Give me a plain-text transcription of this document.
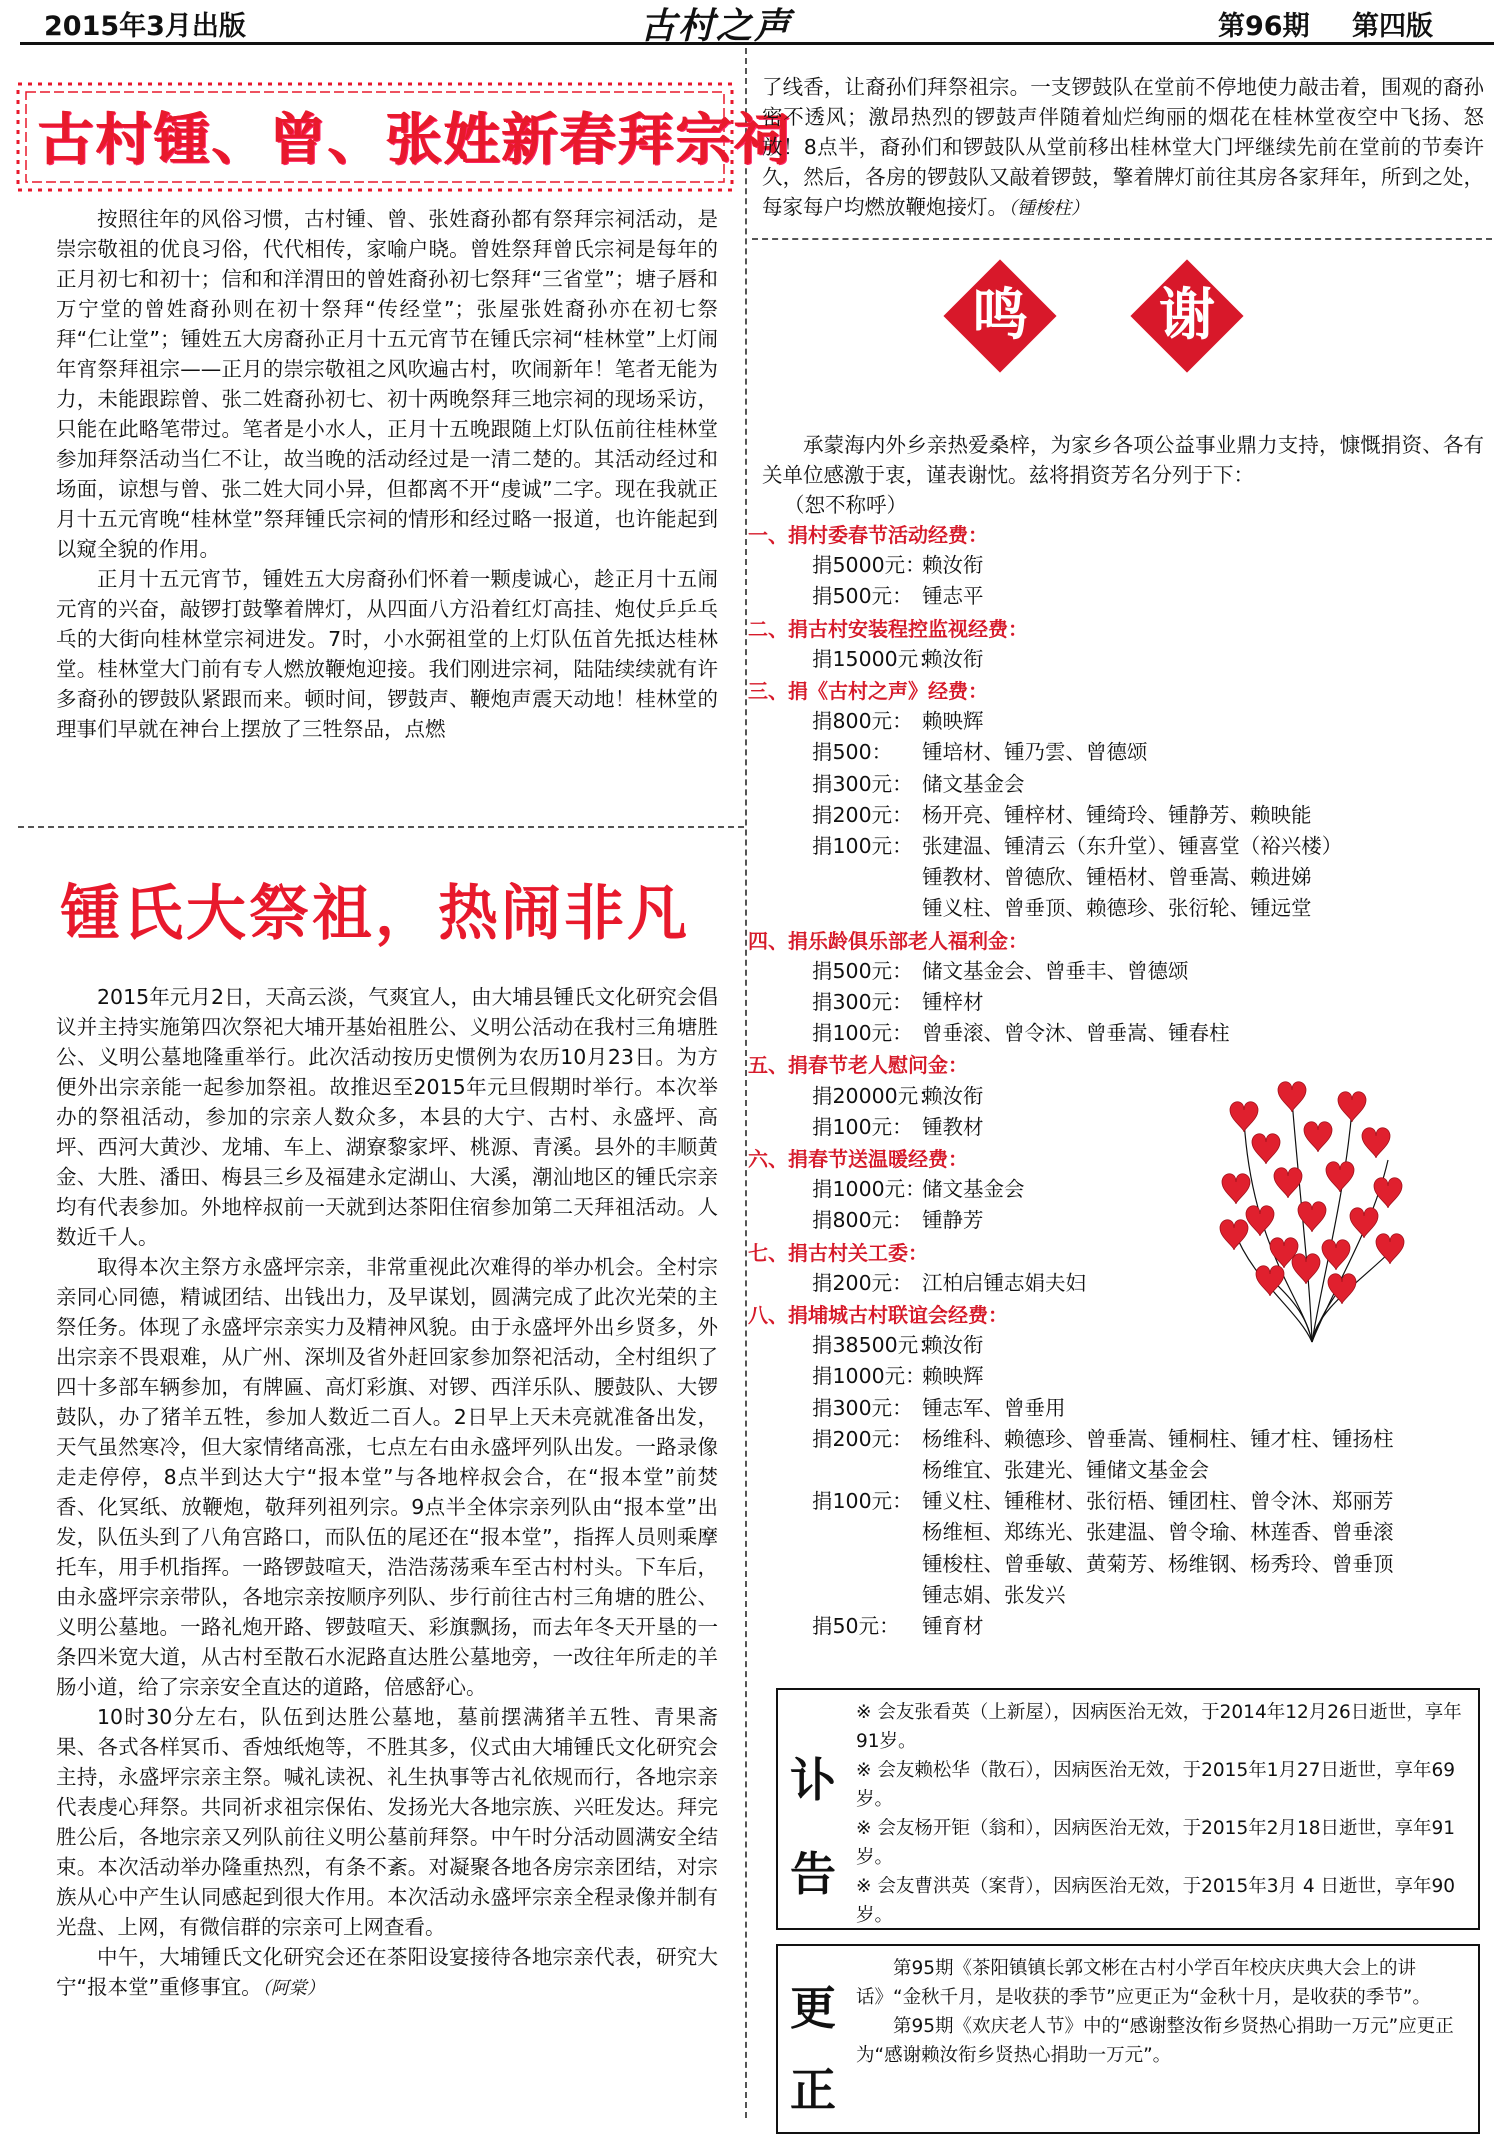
2015年3月出版	古村之声	第96期 第四版
古村锺、曾、张姓新春拜宗祠

按照往年的风俗习惯，古村锺、曾、张姓裔孙都有祭拜宗祠活动，是崇宗敬祖的优良习俗，代代相传，家喻户晓。曾姓祭拜曾氏宗祠是每年的正月初七和初十；信和和洋渭田的曾姓裔孙初七祭拜“三省堂”；塘子唇和万宁堂的曾姓裔孙则在初十祭拜“传经堂”；张屋张姓裔孙亦在初七祭拜“仁让堂”；锺姓五大房裔孙正月十五元宵节在锺氏宗祠“桂林堂”上灯闹年宵祭拜祖宗——正月的崇宗敬祖之风吹遍古村，吹闹新年！笔者无能为力，未能跟踪曾、张二姓裔孙初七、初十两晚祭拜三地宗祠的现场采访，只能在此略笔带过。笔者是小水人，正月十五晚跟随上灯队伍前往桂林堂参加拜祭活动当仁不让，故当晚的活动经过是一清二楚的。其活动经过和场面，谅想与曾、张二姓大同小异，但都离不开“虔诚”二字。现在我就正月十五元宵晚“桂林堂”祭拜锺氏宗祠的情形和经过略一报道，也许能起到以窥全貌的作用。

正月十五元宵节，锺姓五大房裔孙们怀着一颗虔诚心，趁正月十五闹元宵的兴奋，敲锣打鼓擎着牌灯，从四面八方沿着红灯高挂、炮仗乒乒乓乓的大街向桂林堂宗祠进发。7时，小水弼祖堂的上灯队伍首先抵达桂林堂。桂林堂大门前有专人燃放鞭炮迎接。我们刚进宗祠，陆陆续续就有许多裔孙的锣鼓队紧跟而来。顿时间，锣鼓声、鞭炮声震天动地！桂林堂的理事们早就在神台上摆放了三牲祭品，点燃

了线香，让裔孙们拜祭祖宗。一支锣鼓队在堂前不停地使力敲击着，围观的裔孙密不透风；激昂热烈的锣鼓声伴随着灿烂绚丽的烟花在桂林堂夜空中飞扬、怒放！8点半，裔孙们和锣鼓队从堂前移出桂林堂大门坪继续先前在堂前的节奏许久，然后，各房的锣鼓队又敲着锣鼓，擎着牌灯前往其房各家拜年，所到之处，每家每户均燃放鞭炮接灯。（锺梭柱）

锺氏大祭祖，热闹非凡

2015年元月2日，天高云淡，气爽宜人，由大埔县锺氏文化研究会倡议并主持实施第四次祭祀大埔开基始祖胜公、义明公活动在我村三角塘胜公、义明公墓地隆重举行。此次活动按历史惯例为农历10月23日。为方便外出宗亲能一起参加祭祖。故推迟至2015年元旦假期时举行。本次举办的祭祖活动，参加的宗亲人数众多，本县的大宁、古村、永盛坪、高坪、西河大黄沙、龙埔、车上、湖寮黎家坪、桃源、青溪。县外的丰顺黄金、大胜、潘田、梅县三乡及福建永定湖山、大溪，潮汕地区的锺氏宗亲均有代表参加。外地梓叔前一天就到达茶阳住宿参加第二天拜祖活动。人数近千人。

取得本次主祭方永盛坪宗亲，非常重视此次难得的举办机会。全村宗亲同心同德，精诚团结、出钱出力，及早谋划，圆满完成了此次光荣的主祭任务。体现了永盛坪宗亲实力及精神风貌。由于永盛坪外出乡贤多，外出宗亲不畏艰难，从广州、深圳及省外赶回家参加祭祀活动，全村组织了四十多部车辆参加，有牌匾、高灯彩旗、对锣、西洋乐队、腰鼓队、大锣鼓队，办了猪羊五牲，参加人数近二百人。2日早上天未亮就准备出发，天气虽然寒冷，但大家情绪高涨，七点左右由永盛坪列队出发。一路录像走走停停，8点半到达大宁“报本堂”与各地梓叔会合，在“报本堂”前焚香、化冥纸、放鞭炮，敬拜列祖列宗。9点半全体宗亲列队由“报本堂”出发，队伍头到了八角宫路口，而队伍的尾还在“报本堂”，指挥人员则乘摩托车，用手机指挥。一路锣鼓喧天，浩浩荡荡乘车至古村村头。下车后，由永盛坪宗亲带队，各地宗亲按顺序列队、步行前往古村三角塘的胜公、义明公墓地。一路礼炮开路、锣鼓喧天、彩旗飘扬，而去年冬天开垦的一条四米宽大道，从古村至散石水泥路直达胜公墓地旁，一改往年所走的羊肠小道，给了宗亲安全直达的道路，倍感舒心。

10时30分左右，队伍到达胜公墓地，墓前摆满猪羊五牲、青果斋果、各式各样冥币、香烛纸炮等，不胜其多，仪式由大埔锺氏文化研究会主持，永盛坪宗亲主祭。喊礼读祝、礼生执事等古礼依规而行，各地宗亲代表虔心拜祭。共同祈求祖宗保佑、发扬光大各地宗族、兴旺发达。拜完胜公后，各地宗亲又列队前往义明公墓前拜祭。中午时分活动圆满安全结束。本次活动举办隆重热烈，有条不紊。对凝聚各地各房宗亲团结，对宗族从心中产生认同感起到很大作用。本次活动永盛坪宗亲全程录像并制有光盘、上网，有微信群的宗亲可上网查看。

中午，大埔锺氏文化研究会还在茶阳设宴接待各地宗亲代表，研究大宁“报本堂”重修事宜。（阿棠）

鸣	谢

承蒙海内外乡亲热爱桑梓，为家乡各项公益事业鼎力支持，慷慨捐资、各有关单位感激于衷，谨表谢忱。兹将捐资芳名分列于下：

（恕不称呼）

一、捐村委春节活动经费：
捐5000元：赖汝衔
捐500元： 锺志平
二、捐古村安装程控监视经费：
捐15000元：赖汝衔
三、捐《古村之声》经费：
捐800元： 赖映辉
捐500： 锺培材、锺乃雲、曾德颂
捐300元： 储文基金会
捐200元： 杨开亮、锺梓材、锺绮玲、锺静芳、赖映能
捐100元： 张建温、锺清云（东升堂）、锺喜堂（裕兴楼）
锺教材、曾德欣、锺梧材、曾垂嵩、赖进娣
锺义柱、曾垂顶、赖德珍、张衍轮、锺远堂
四、捐乐龄俱乐部老人福利金：
捐500元： 储文基金会、曾垂丰、曾德颂
捐300元： 锺梓材
捐100元： 曾垂滚、曾令沐、曾垂嵩、锺春柱
五、捐春节老人慰问金：
捐20000元：赖汝衔
捐100元： 锺教材
六、捐春节送温暖经费：
捐1000元：储文基金会
捐800元： 锺静芳
七、捐古村关工委：
捐200元： 江柏启锺志娟夫妇
八、捐埔城古村联谊会经费：
捐38500元：赖汝衔
捐1000元：赖映辉
捐300元： 锺志军、曾垂用
捐200元： 杨维科、赖德珍、曾垂嵩、锺桐柱、锺才柱、锺扬柱
杨维宜、张建光、锺储文基金会
捐100元： 锺义柱、锺稚材、张衍梧、锺团柱、曾令沐、郑丽芳
杨维桓、郑练光、张建温、曾令瑜、林莲香、曾垂滚
锺梭柱、曾垂敏、黄菊芳、杨维钢、杨秀玲、曾垂顶
锺志娟、张发兴
捐50元： 锺育材
讣
告

※ 会友张看英（上新屋），因病医治无效，于2014年12月26日逝世，享年91岁。

※ 会友赖松华（散石），因病医治无效，于2015年1月27日逝世，享年69岁。

※ 会友杨开钜（翁和），因病医治无效，于2015年2月18日逝世，享年91岁。

※ 会友曹洪英（案背），因病医治无效，于2015年3月 4 日逝世，享年90岁。

更
正

第95期《茶阳镇镇长郭文彬在古村小学百年校庆庆典大会上的讲话》“金秋千月，是收获的季节”应更正为“金秋十月，是收获的季节”。

第95期《欢庆老人节》中的“感谢整汝衔乡贤热心捐助一万元”应更正为“感谢赖汝衔乡贤热心捐助一万元”。
